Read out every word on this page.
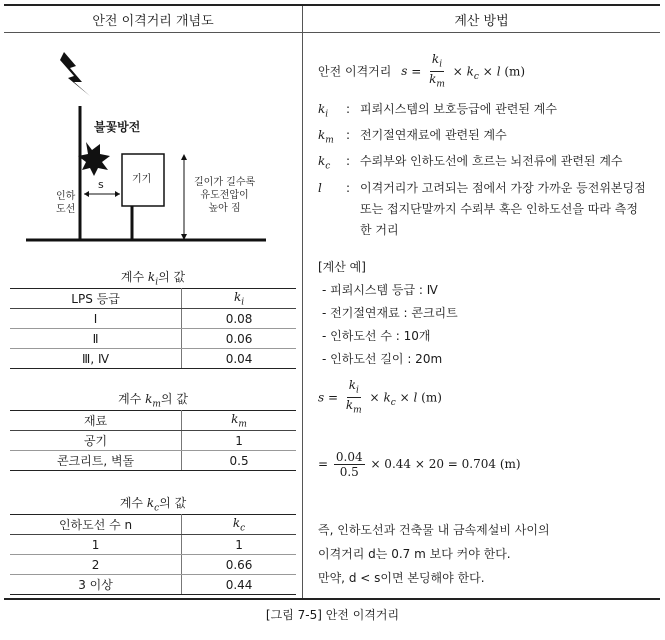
안전 이격거리 개념도	계산 방법
불꽃방전
기기
s
인하
도선
길이가 길수록
유도전압이
높아 짐
계수 $k_i$의 값
LPS 등급	$k_i$
Ⅰ	0.08
Ⅱ	0.06
Ⅲ, Ⅳ	0.04
계수 $k_m$의 값
재료	$k_m$
공기	1
콘크리트, 벽돌	0.5
계수 $k_c$의 값
인하도선 수 n	$k_c$
1	1
2	0.66
3 이상	0.44
안전 이격거리 $s = \frac{k_i}{k_m} \times k_c \times l$ (m)
$k_i$ : 피뢰시스템의 보호등급에 관련된 계수
$k_m$ : 전기절연재료에 관련된 계수
$k_c$ : 수뢰부와 인하도선에 흐르는 뇌전류에 관련된 계수
l : 이격거리가 고려되는 점에서 가장 가까운 등전위본딩점
또는 접지단말까지 수뢰부 혹은 인하도선을 따라 측정
한 거리
[계산 예]
- 피뢰시스템 등급 : Ⅳ
- 전기절연재료 : 콘크리트
- 인하도선 수 : 10개
- 인하도선 길이 : 20m
$s = \frac{k_i}{k_m} \times k_c \times l$ (m)
= $\frac{0.04}{0.5} \times 0.44 \times 20 = 0.704$ (m)
즉, 인하도선과 건축물 내 금속제설비 사이의
이격거리 d는 0.7 m 보다 커야 한다.
만약, d < s이면 본딩해야 한다.
[그림 7-5] 안전 이격거리
